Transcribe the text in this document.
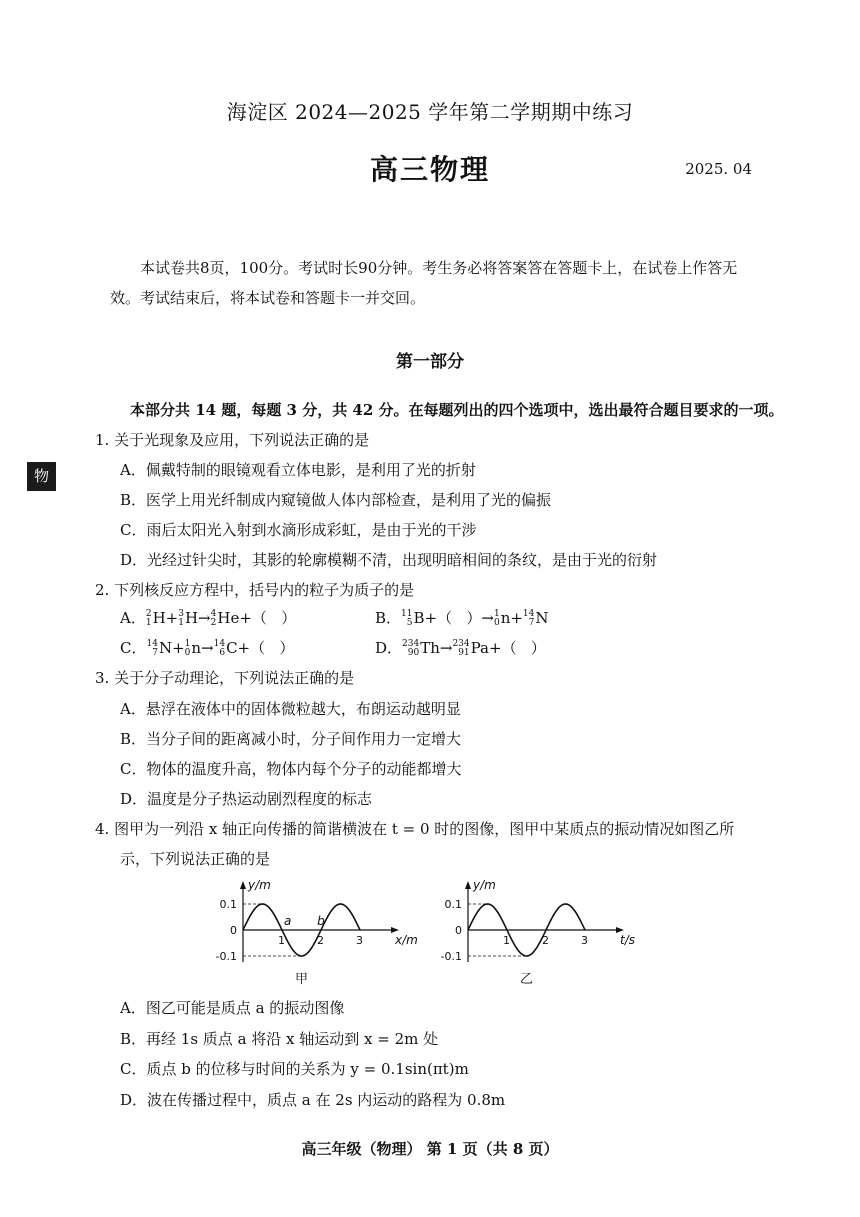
海淀区 2024—2025 学年第二学期期中练习
高三物理	2025. 04
本试卷共8页，100分。考试时长90分钟。考生务必将答案答在答题卡上，在试卷上作答无效。考试结束后，将本试卷和答题卡一并交回。
第一部分
本部分共 14 题，每题 3 分，共 42 分。在每题列出的四个选项中，选出最符合题目要求的一项。
物
1. 关于光现象及应用，下列说法正确的是
A．佩戴特制的眼镜观看立体电影，是利用了光的折射
B．医学上用光纤制成内窥镜做人体内部检查，是利用了光的偏振
C．雨后太阳光入射到水滴形成彩虹，是由于光的干涉
D．光经过针尖时，其影的轮廓模糊不清，出现明暗相间的条纹，是由于光的衍射
2. 下列核反应方程中，括号内的粒子为质子的是
A． 2
1 H+ 3
1 H→ 4
2 He+（   ）	B． 11
5 B+（   ）→ 1
0 n+ 14
7 N
C． 14
7 N+ 1
0 n→ 14
6 C+（   ）	D． 234
90 Th→ 234
91 Pa+（   ）
3. 关于分子动理论，下列说法正确的是
A．悬浮在液体中的固体微粒越大，布朗运动越明显
B．当分子间的距离减小时，分子间作用力一定增大
C．物体的温度升高，物体内每个分子的动能都增大
D．温度是分子热运动剧烈程度的标志
4. 图甲为一列沿 x 轴正向传播的简谐横波在 t = 0 时的图像，图甲中某质点的振动情况如图乙所
示，下列说法正确的是
1	2	3
0.1
0
-0.1
x/m
y/m
a b
甲
1	2	3
0.1
0
-0.1
t/s
y/m
乙
A．图乙可能是质点 a 的振动图像
B．再经 1s 质点 a 将沿 x 轴运动到 x = 2m 处
C．质点 b 的位移与时间的关系为 y = 0.1sin(πt)m
D．波在传播过程中，质点 a 在 2s 内运动的路程为 0.8m
高三年级（物理） 第 1 页（共 8 页）
